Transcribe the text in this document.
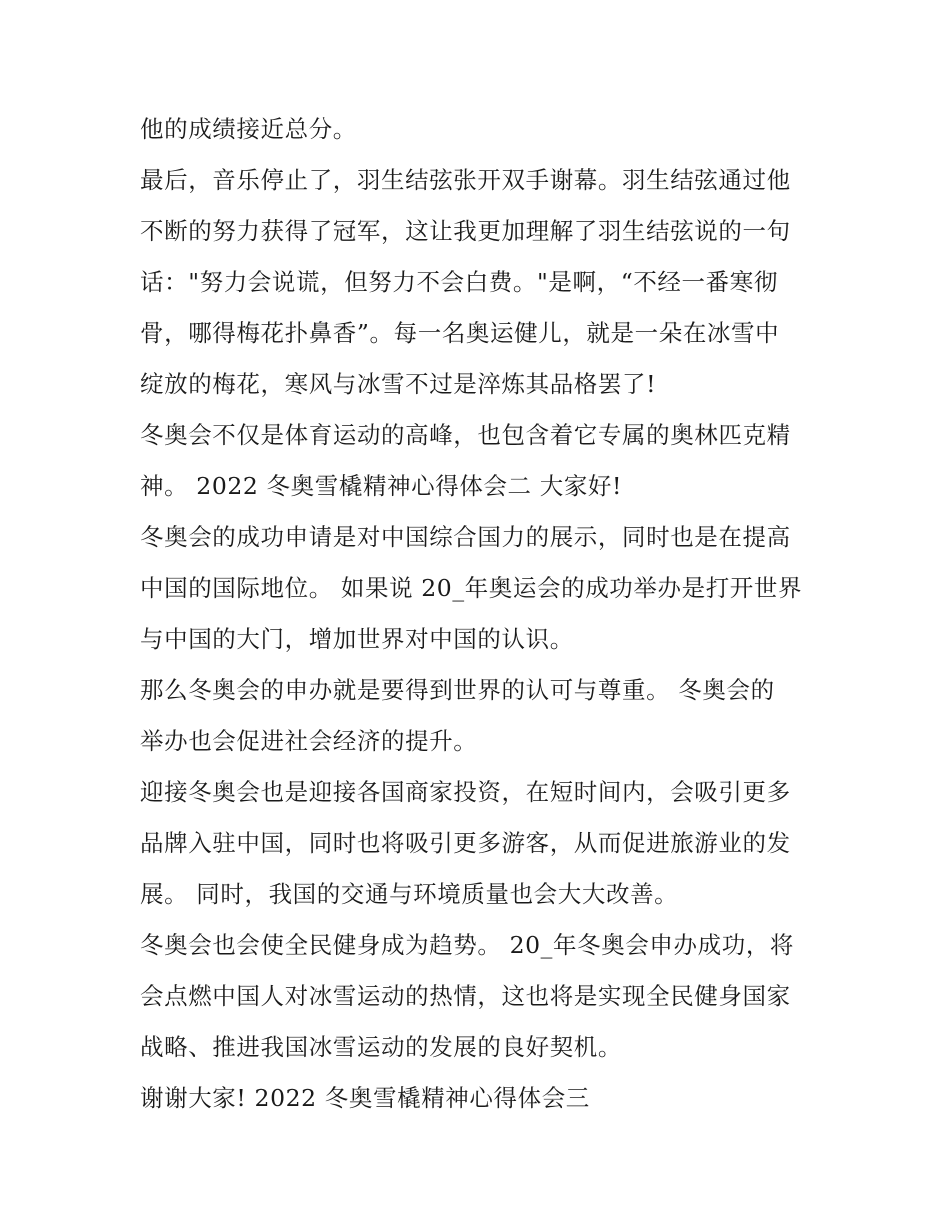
他的成绩接近总分。
最后，音乐停止了，羽生结弦张开双手谢幕。羽生结弦通过他
不断的努力获得了冠军，这让我更加理解了羽生结弦说的一句
话："努力会说谎，但努力不会白费。"是啊，“不经一番寒彻
骨，哪得梅花扑鼻香”。每一名奥运健儿，就是一朵在冰雪中
绽放的梅花，寒风与冰雪不过是淬炼其品格罢了!
冬奥会不仅是体育运动的高峰，也包含着它专属的奥林匹克精
神。 2022 冬奥雪橇精神心得体会二 大家好!
冬奥会的成功申请是对中国综合国力的展示，同时也是在提高
中国的国际地位。 如果说 20_年奥运会的成功举办是打开世界
与中国的大门，增加世界对中国的认识。
那么冬奥会的申办就是要得到世界的认可与尊重。 冬奥会的
举办也会促进社会经济的提升。
迎接冬奥会也是迎接各国商家投资，在短时间内，会吸引更多
品牌入驻中国，同时也将吸引更多游客，从而促进旅游业的发
展。 同时，我国的交通与环境质量也会大大改善。
冬奥会也会使全民健身成为趋势。 20_年冬奥会申办成功，将
会点燃中国人对冰雪运动的热情，这也将是实现全民健身国家
战略、推进我国冰雪运动的发展的良好契机。
谢谢大家! 2022 冬奥雪橇精神心得体会三
